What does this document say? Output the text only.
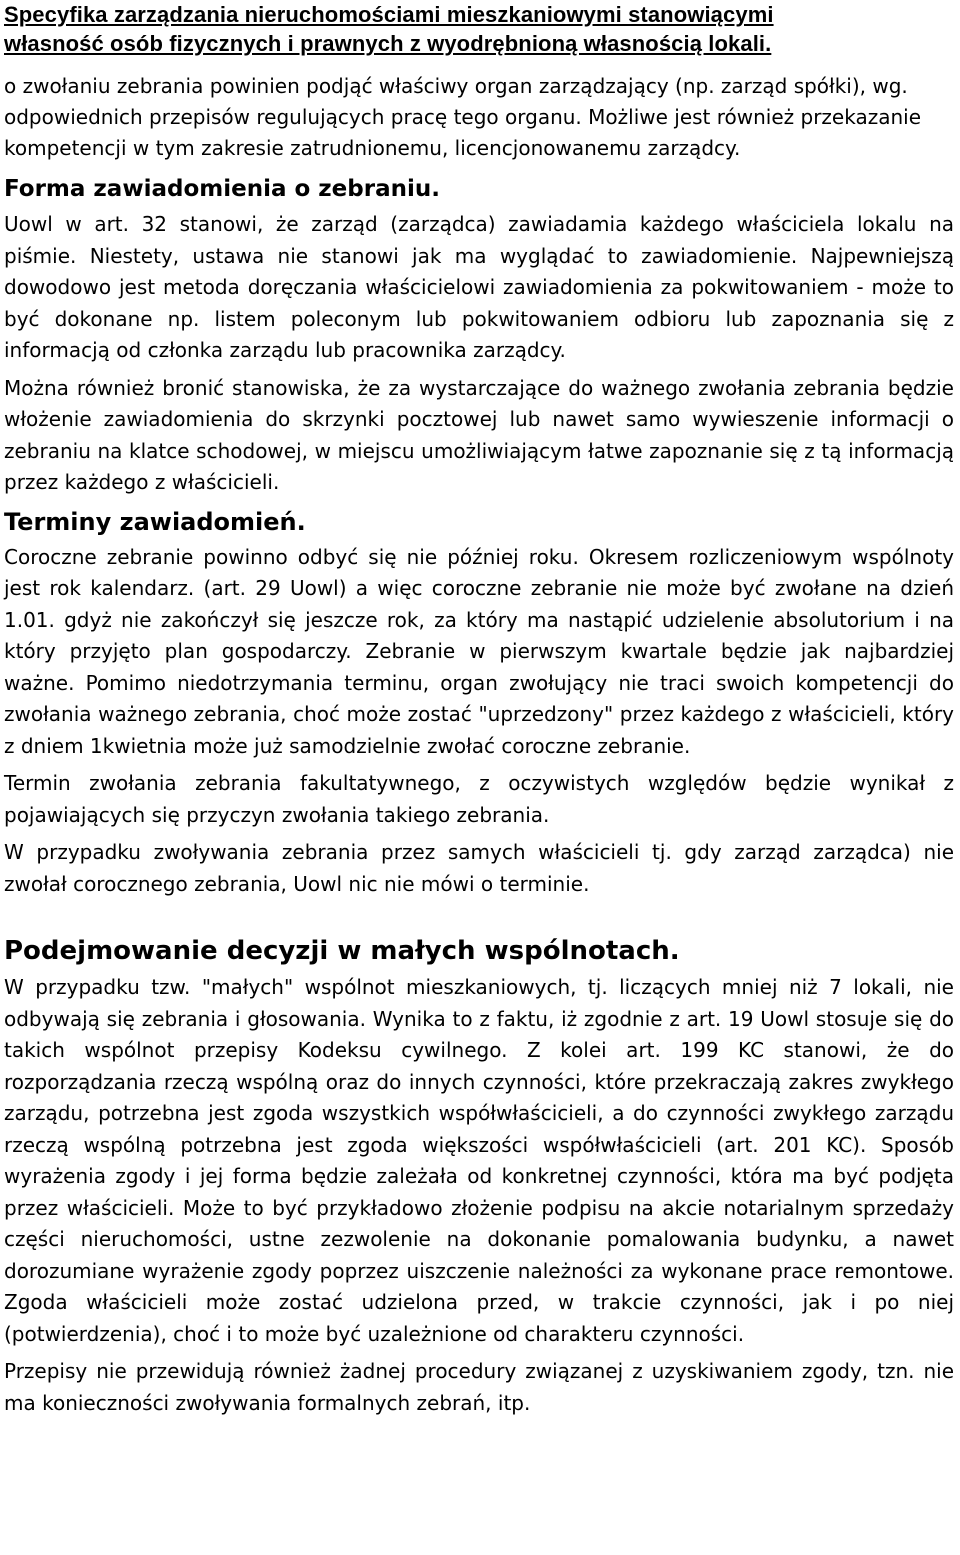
Specyfika zarządzania nieruchomościami mieszkaniowymi stanowiącymi
własność osób fizycznych i prawnych z wyodrębnioną własnością lokali.

o zwołaniu zebrania powinien podjąć właściwy organ zarządzający (np. zarząd spółki), wg. odpowiednich przepisów regulujących pracę tego organu. Możliwe jest również przekazanie kompetencji w tym zakresie zatrudnionemu, licencjonowanemu zarządcy.

Forma zawiadomienia o zebraniu.

Uowl w art. 32 stanowi, że zarząd (zarządca) zawiadamia każdego właściciela lokalu na piśmie. Niestety, ustawa nie stanowi jak ma wyglądać to zawiadomienie. Najpewniejszą dowodowo jest metoda doręczania właścicielowi zawiadomienia za pokwitowaniem - może to być dokonane np. listem poleconym lub pokwitowaniem odbioru lub zapoznania się z informacją od członka zarządu lub pracownika zarządcy.

Można również bronić stanowiska, że za wystarczające do ważnego zwołania zebrania będzie włożenie zawiadomienia do skrzynki pocztowej lub nawet samo wywieszenie informacji o zebraniu na klatce schodowej, w miejscu umożliwiającym łatwe zapoznanie się z tą informacją przez każdego z właścicieli.

Terminy zawiadomień.

Coroczne zebranie powinno odbyć się nie później roku. Okresem rozliczeniowym wspólnoty jest rok kalendarz. (art. 29 Uowl) a więc coroczne zebranie nie może być zwołane na dzień 1.01. gdyż nie zakończył się jeszcze rok, za który ma nastąpić udzielenie absolutorium i na który przyjęto plan gospodarczy. Zebranie w pierwszym kwartale będzie jak najbardziej ważne. Pomimo niedotrzymania terminu, organ zwołujący nie traci swoich kompetencji do zwołania ważnego zebrania, choć może zostać "uprzedzony" przez każdego z właścicieli, który z dniem 1kwietnia może już samodzielnie zwołać coroczne zebranie.

Termin zwołania zebrania fakultatywnego, z oczywistych względów będzie wynikał z pojawiających się przyczyn zwołania takiego zebrania.

W przypadku zwoływania zebrania przez samych właścicieli tj. gdy zarząd zarządca) nie zwołał corocznego zebrania, Uowl nic nie mówi o terminie.

Podejmowanie decyzji w małych wspólnotach.

W przypadku tzw. "małych" wspólnot mieszkaniowych, tj. liczących mniej niż 7 lokali, nie odbywają się zebrania i głosowania. Wynika to z faktu, iż zgodnie z art. 19 Uowl stosuje się do takich wspólnot przepisy Kodeksu cywilnego. Z kolei art. 199 KC stanowi, że do rozporządzania rzeczą wspólną oraz do innych czynności, które przekraczają zakres zwykłego zarządu, potrzebna jest zgoda wszystkich współwłaścicieli, a do czynności zwykłego zarządu rzeczą wspólną potrzebna jest zgoda większości współwłaścicieli (art. 201 KC). Sposób wyrażenia zgody i jej forma będzie zależała od konkretnej czynności, która ma być podjęta przez właścicieli. Może to być przykładowo złożenie podpisu na akcie notarialnym sprzedaży części nieruchomości, ustne zezwolenie na dokonanie pomalowania budynku, a nawet dorozumiane wyrażenie zgody poprzez uiszczenie należności za wykonane prace remontowe. Zgoda właścicieli może zostać udzielona przed, w trakcie czynności, jak i po niej (potwierdzenia), choć i to może być uzależnione od charakteru czynności.

Przepisy nie przewidują również żadnej procedury związanej z uzyskiwaniem zgody, tzn. nie ma konieczności zwoływania formalnych zebrań, itp.
